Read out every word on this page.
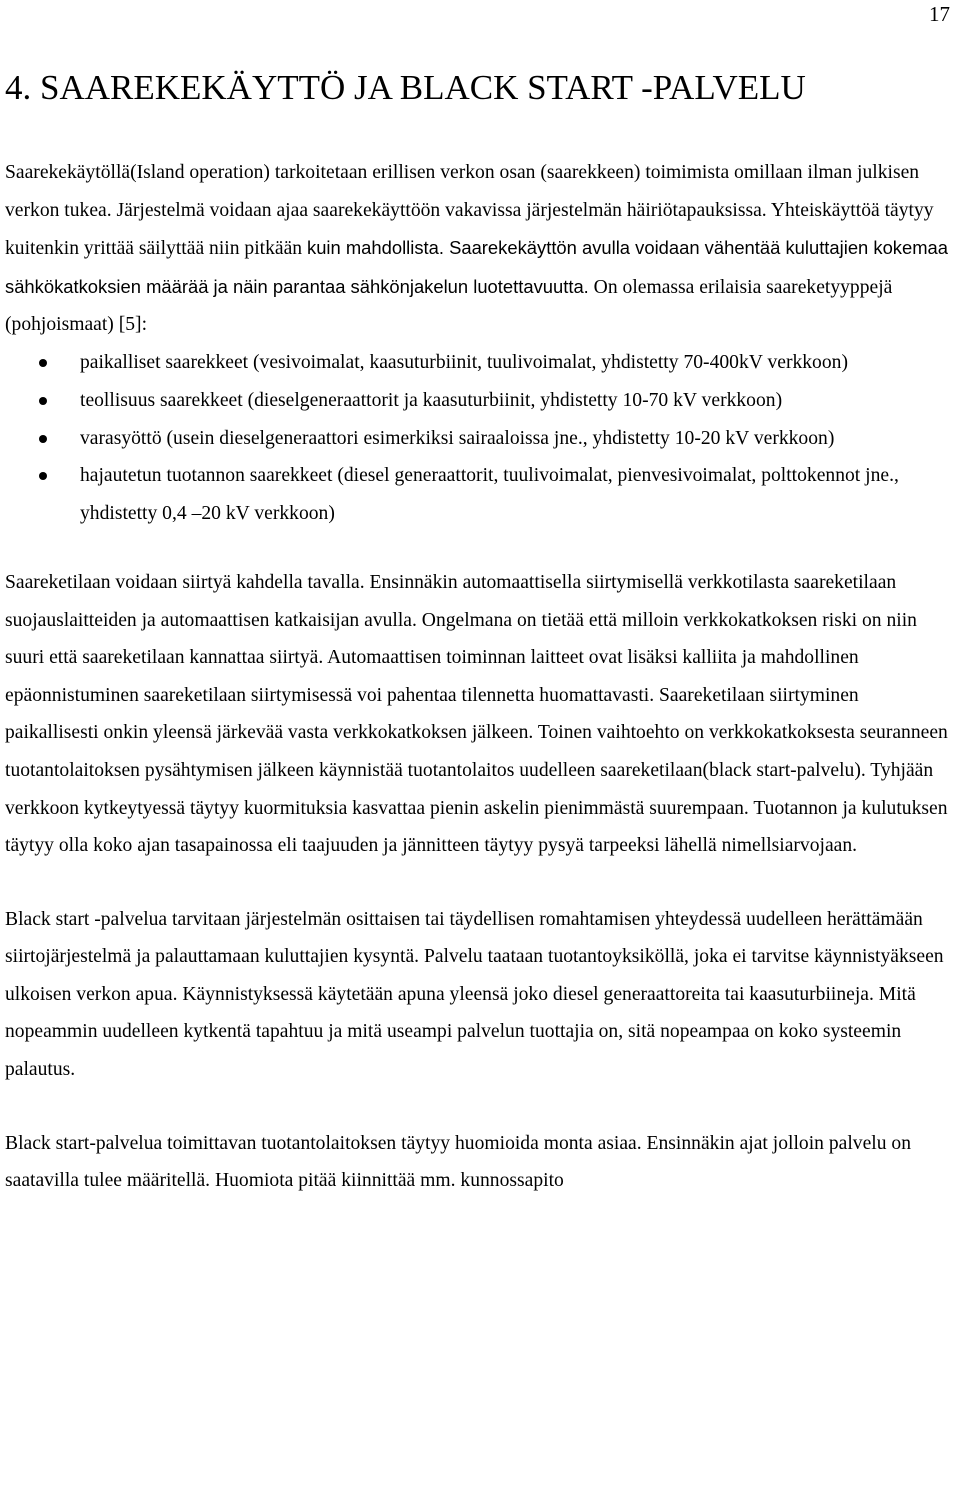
17
4. SAAREKEKÄYTTÖ JA BLACK START -PALVELU

Saarekekäytöllä(Island operation) tarkoitetaan erillisen verkon osan (saarekkeen) toimimista omillaan ilman julkisen verkon tukea. Järjestelmä voidaan ajaa saarekekäyttöön vakavissa järjestelmän häiriötapauksissa. Yhteiskäyttöä täytyy kuitenkin yrittää säilyttää niin pitkään kuin mahdollista. Saarekekäyttön avulla voidaan vähentää kuluttajien kokemaa sähkökatkoksien määrää ja näin parantaa sähkönjakelun luotettavuutta. On olemassa erilaisia saareketyyppejä (pohjoismaat) [5]:

paikalliset saarekkeet (vesivoimalat, kaasuturbiinit, tuulivoimalat, yhdistetty 70-400kV verkkoon)
teollisuus saarekkeet (dieselgeneraattorit ja kaasuturbiinit, yhdistetty 10-70 kV verkkoon)
varasyöttö (usein dieselgeneraattori esimerkiksi sairaaloissa jne., yhdistetty 10-20 kV verkkoon)
hajautetun tuotannon saarekkeet (diesel generaattorit, tuulivoimalat, pienvesivoimalat, polttokennot jne., yhdistetty 0,4 –20 kV verkkoon)

Saareketilaan voidaan siirtyä kahdella tavalla. Ensinnäkin automaattisella siirtymisellä verkkotilasta saareketilaan suojauslaitteiden ja automaattisen katkaisijan avulla. Ongelmana on tietää että milloin verkkokatkoksen riski on niin suuri että saareketilaan kannattaa siirtyä. Automaattisen toiminnan laitteet ovat lisäksi kalliita ja mahdollinen epäonnistuminen saareketilaan siirtymisessä voi pahentaa tilennetta huomattavasti. Saareketilaan siirtyminen paikallisesti onkin yleensä järkevää vasta verkkokatkoksen jälkeen. Toinen vaihtoehto on verkkokatkoksesta seuranneen tuotantolaitoksen pysähtymisen jälkeen käynnistää tuotantolaitos uudelleen saareketilaan(black start-palvelu). Tyhjään verkkoon kytkeytyessä täytyy kuormituksia kasvattaa pienin askelin pienimmästä suurempaan. Tuotannon ja kulutuksen täytyy olla koko ajan tasapainossa eli taajuuden ja jännitteen täytyy pysyä tarpeeksi lähellä nimellsiarvojaan.

Black start -palvelua tarvitaan järjestelmän osittaisen tai täydellisen romahtamisen yhteydessä uudelleen herättämään siirtojärjestelmä ja palauttamaan kuluttajien kysyntä. Palvelu taataan tuotantoyksiköllä, joka ei tarvitse käynnistyäkseen ulkoisen verkon apua. Käynnistyksessä käytetään apuna yleensä joko diesel generaattoreita tai kaasuturbiineja. Mitä nopeammin uudelleen kytkentä tapahtuu ja mitä useampi palvelun tuottajia on, sitä nopeampaa on koko systeemin palautus.

Black start-palvelua toimittavan tuotantolaitoksen täytyy huomioida monta asiaa. Ensinnäkin ajat jolloin palvelu on saatavilla tulee määritellä. Huomiota pitää kiinnittää mm. kunnossapito
